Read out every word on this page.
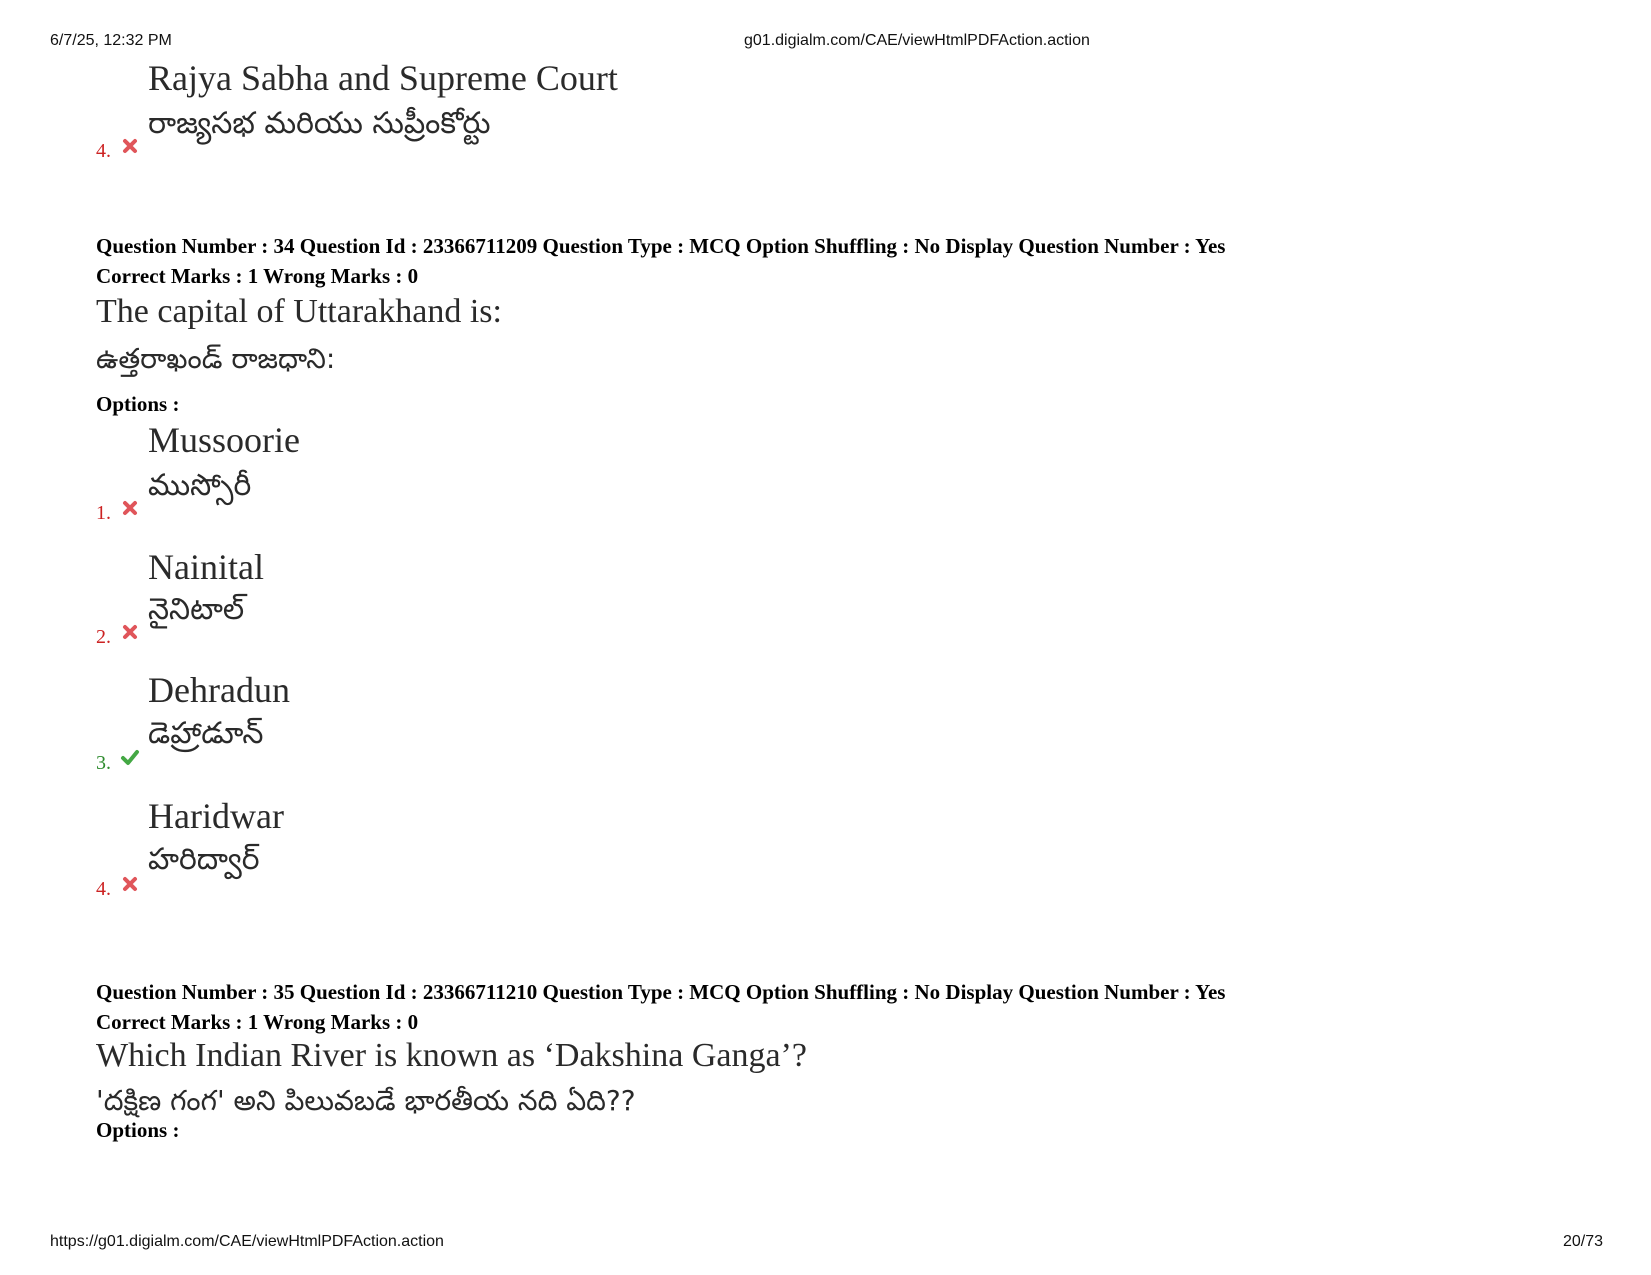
6/7/25, 12:32 PM	g01.digialm.com/CAE/viewHtmlPDFAction.action
Rajya Sabha and Supreme Court
రాజ్యసభ మరియు సుప్రీంకోర్టు
4.
Question Number : 34 Question Id : 23366711209 Question Type : MCQ Option Shuffling : No Display Question Number : Yes
Correct Marks : 1 Wrong Marks : 0
The capital of Uttarakhand is:
ఉత్తరాఖండ్ రాజధాని:
Options :
Mussoorie
ముస్సోరీ
1.
Nainital
నైనిటాల్
2.
Dehradun
డెహ్రాడూన్
3.
Haridwar
హరిద్వార్
4.
Question Number : 35 Question Id : 23366711210 Question Type : MCQ Option Shuffling : No Display Question Number : Yes
Correct Marks : 1 Wrong Marks : 0
Which Indian River is known as ‘Dakshina Ganga’?
'దక్షిణ గంగ' అని పిలువబడే భారతీయ నది ఏది??
Options :
https://g01.digialm.com/CAE/viewHtmlPDFAction.action	20/73
